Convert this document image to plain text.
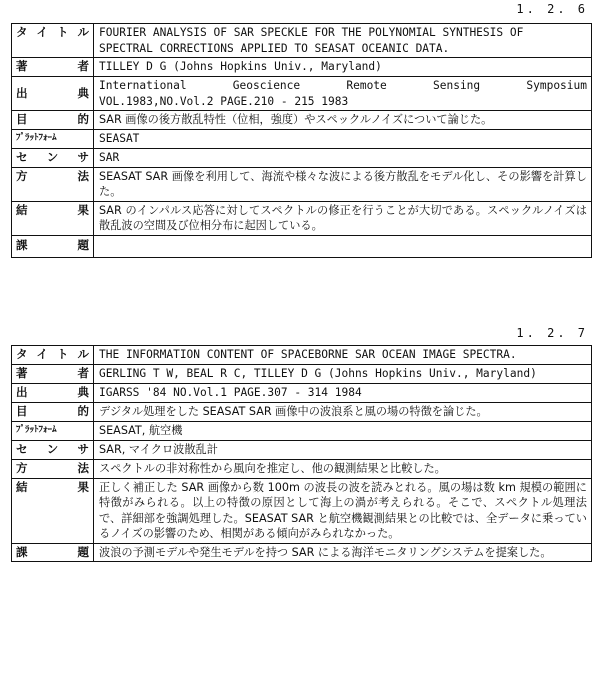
1. 2. 6
タイトル	FOURIER ANALYSIS OF SAR SPECKLE FOR THE POLYNOMIAL SYNTHESIS OF
SPECTRAL CORRECTIONS APPLIED TO SEASAT OCEANIC DATA.

著　者	TILLEY D G (Johns Hopkins Univ., Maryland)
出　典	International Geoscience Remote Sensing Symposium
VOL.1983,NO.Vol.2 PAGE.210 - 215 1983

目　的	SAR 画像の後方散乱特性（位相，強度）やスペックルノイズについて論じた。
ﾌﾟﾗｯﾄﾌｫｰﾑ	SEASAT
セ ン サ	SAR
方　法	SEASAT SAR 画像を利用して、海流や様々な波による後方散乱をモデル化し、その影響を計算した。
結　果	SAR のインパルス応答に対してスペクトルの修正を行うことが大切である。スペックルノイズは散乱波の空間及び位相分布に起因している。
課　題	
1. 2. 7
タイトル	THE INFORMATION CONTENT OF SPACEBORNE SAR OCEAN IMAGE SPECTRA.
著　者	GERLING T W, BEAL R C, TILLEY D G (Johns Hopkins Univ., Maryland)
出　典	IGARSS '84 NO.Vol.1 PAGE.307 - 314 1984
目　的	デジタル処理をした SEASAT SAR 画像中の波浪系と風の場の特徴を論じた。
ﾌﾟﾗｯﾄﾌｫｰﾑ	SEASAT, 航空機
セ ン サ	SAR, マイクロ波散乱計
方　法	スペクトルの非対称性から風向を推定し、他の観測結果と比較した。
結　果	正しく補正した SAR 画像から数 100m の波長の波を読みとれる。風の場は数 km 規模の範囲に特徴がみられる。以上の特徴の原因として海上の渦が考えられる。そこで、スペクトル処理法で、詳細部を強調処理した。SEASAT SAR と航空機観測結果との比較では、全データに乗っているノイズの影響のため、相関がある傾向がみられなかった。
課　題	波浪の予測モデルや発生モデルを持つ SAR による海洋モニタリングシステムを提案した。
